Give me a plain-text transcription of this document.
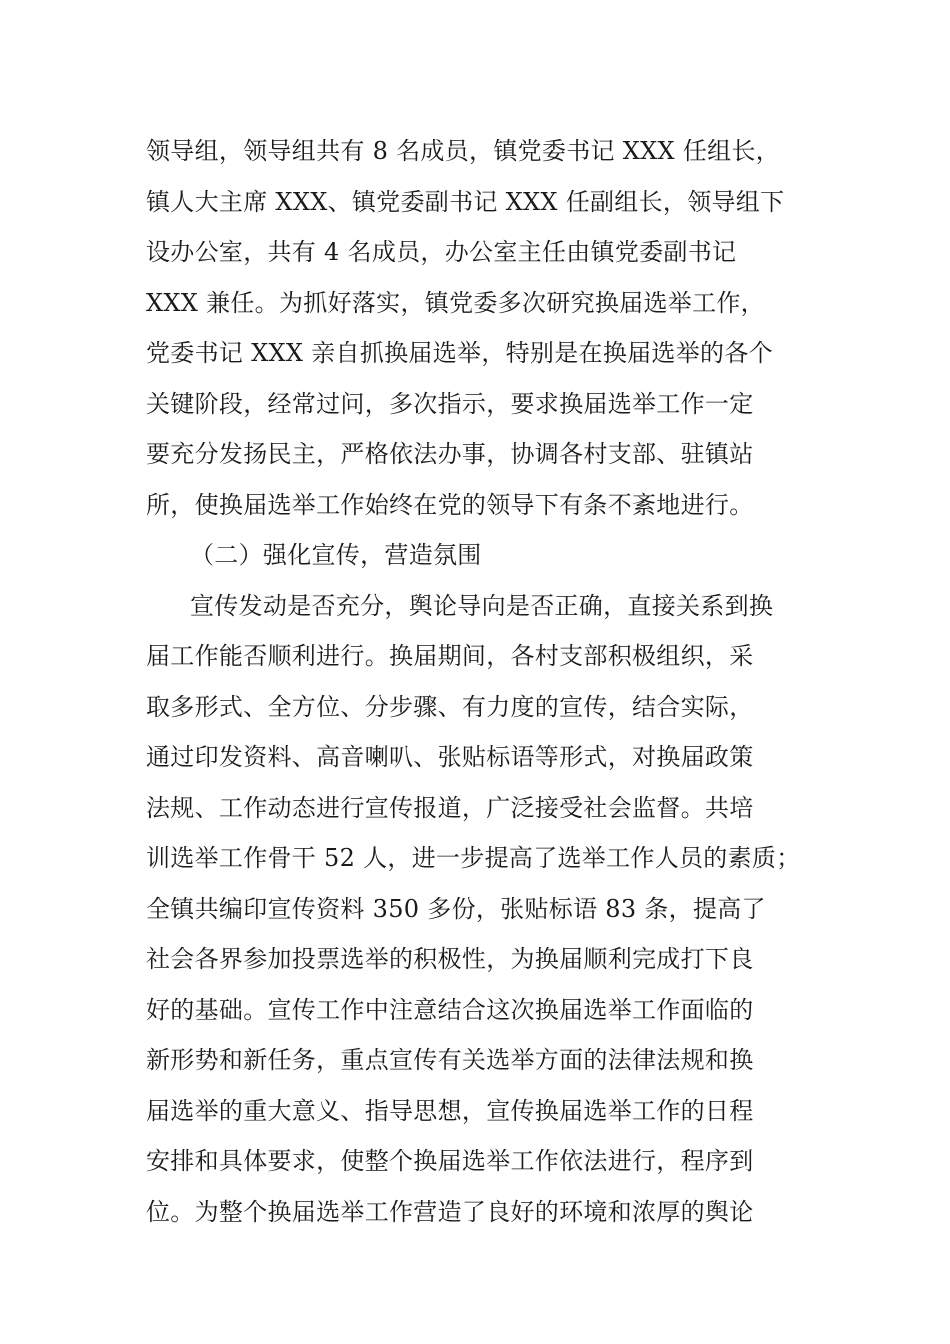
领导组，领导组共有 8 名成员，镇党委书记 XXX 任组长，
镇人大主席 XXX、镇党委副书记 XXX 任副组长，领导组下
设办公室，共有 4 名成员，办公室主任由镇党委副书记
XXX 兼任。为抓好落实，镇党委多次研究换届选举工作，
党委书记 XXX 亲自抓换届选举，特别是在换届选举的各个
关键阶段，经常过问，多次指示，要求换届选举工作一定
要充分发扬民主，严格依法办事，协调各村支部、驻镇站
所，使换届选举工作始终在党的领导下有条不紊地进行。
（二）强化宣传，营造氛围
宣传发动是否充分，舆论导向是否正确，直接关系到换
届工作能否顺利进行。换届期间，各村支部积极组织，采
取多形式、全方位、分步骤、有力度的宣传，结合实际，
通过印发资料、高音喇叭、张贴标语等形式，对换届政策
法规、工作动态进行宣传报道，广泛接受社会监督。共培
训选举工作骨干 52 人，进一步提高了选举工作人员的素质；
全镇共编印宣传资料 350 多份，张贴标语 83 条，提高了
社会各界参加投票选举的积极性，为换届顺利完成打下良
好的基础。宣传工作中注意结合这次换届选举工作面临的
新形势和新任务，重点宣传有关选举方面的法律法规和换
届选举的重大意义、指导思想，宣传换届选举工作的日程
安排和具体要求，使整个换届选举工作依法进行，程序到
位。为整个换届选举工作营造了良好的环境和浓厚的舆论
